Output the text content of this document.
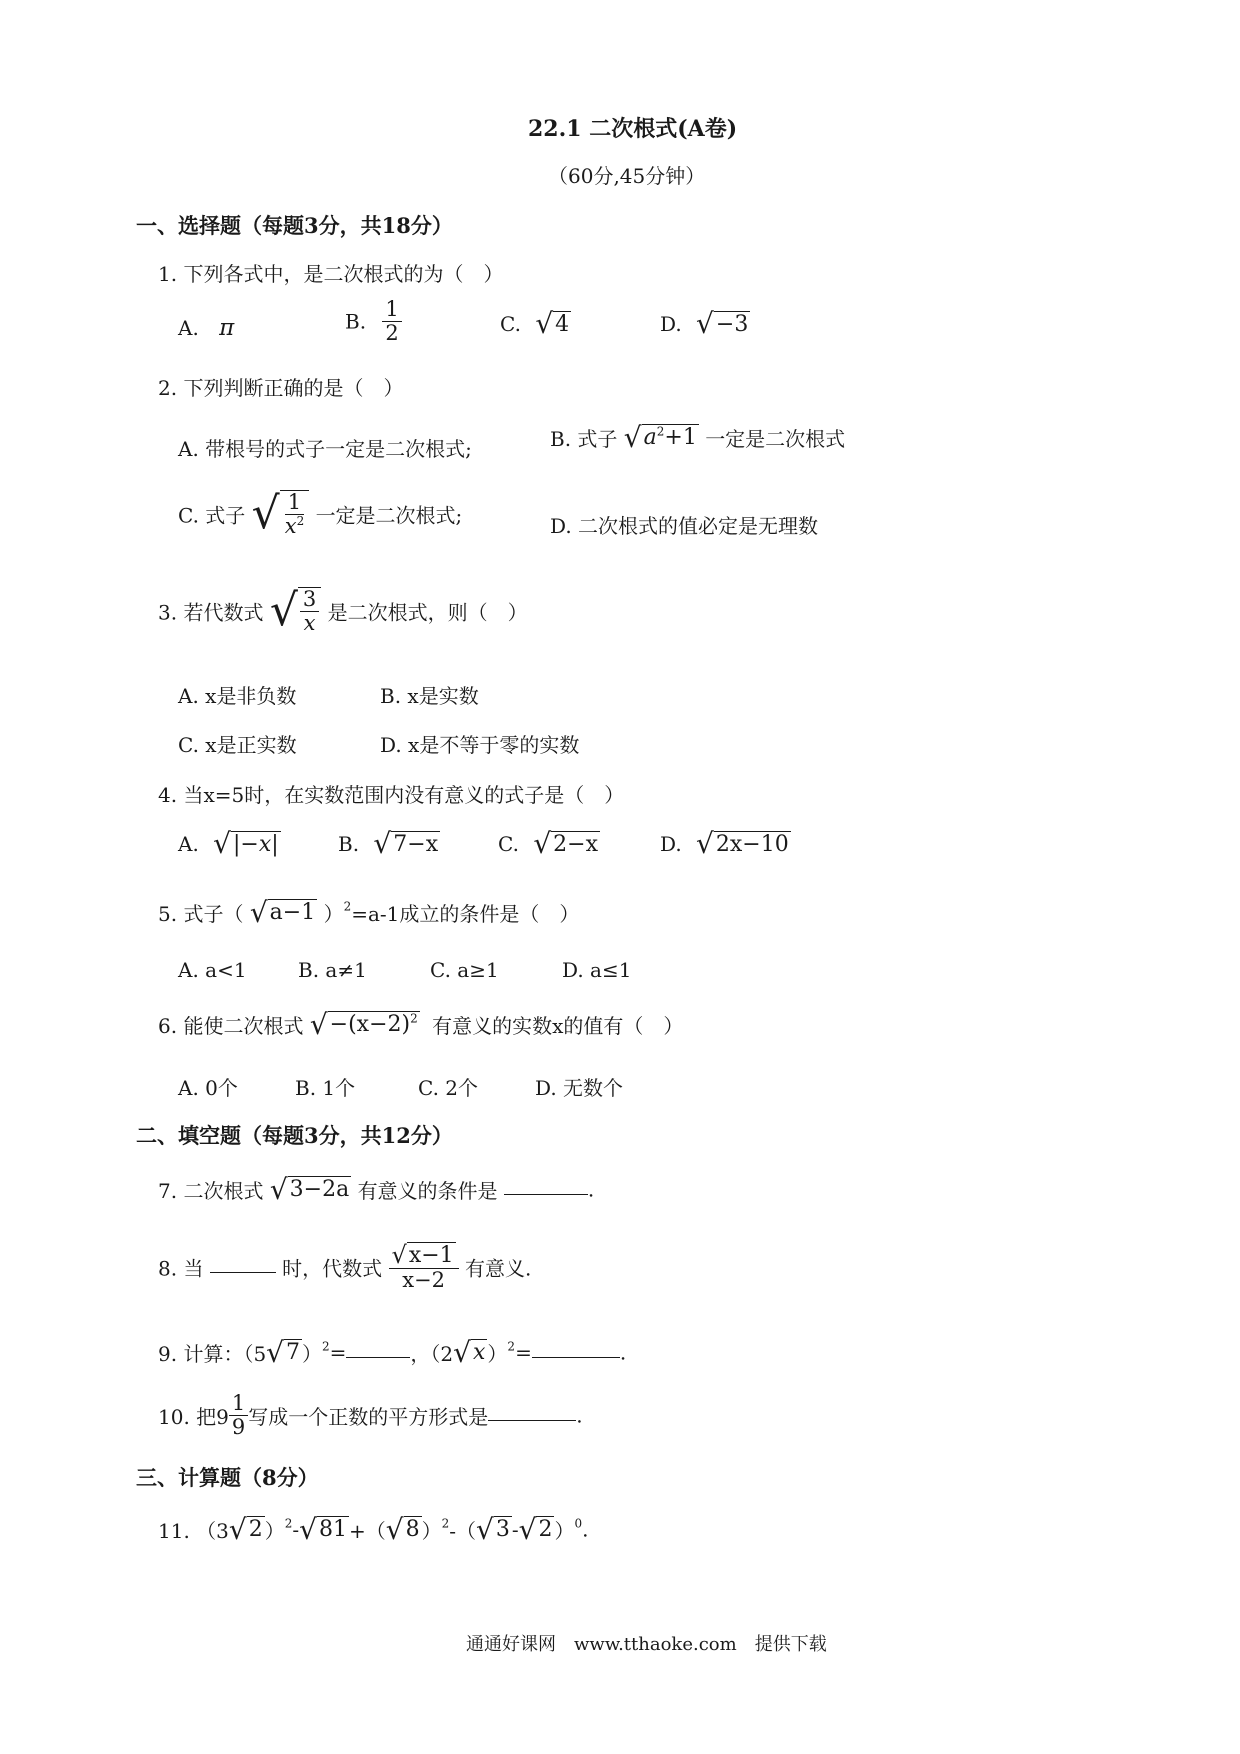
22.1 二次根式(A卷)
（60分,45分钟）
一、选择题（每题3分，共18分）
1. 下列各式中，是二次根式的为（　）
A. π	B. $\frac{1}{2}$	C. √4	D. √−3
2. 下列判断正确的是（　）
A. 带根号的式子一定是二次根式;	B. 式子 $√a^2+1$ 一定是二次根式
C. 式子 √ $\frac{1}{x^2}$ 一定是二次根式;	D. 二次根式的值必定是无理数
3. 若代数式 √ $\frac{3}{x}$ 是二次根式，则（　）
A. x是非负数	B. x是实数
C. x是正实数	D. x是不等于零的实数
4. 当x=5时，在实数范围内没有意义的式子是（　）
A. √|−x|	B. √7−x	C. √2−x	D. √2x−10
5. 式子（ √a−1 ）$^2$=a-1成立的条件是（　）
A. a<1	B. a≠1	C. a≥1	D. a≤1
6. 能使二次根式 $√-(x-2)^2$ 有意义的实数x的值有（　）
A. 0个	B. 1个	C. 2个	D. 无数个
二、填空题（每题3分，共12分）
7. 二次根式 √3−2a 有意义的条件是	.
8. 当	时，代数式 $\frac{√x-1}{x-2}$ 有意义.
9. 计算：（5√7 ）$^2$=	，（2√x ）$^2$=	.
10. 把$9 \frac{1}{9}$ 写成一个正数的平方形式是	.
三、计算题（8分）
11. （3√2 ）$^2$-√81 +（√8 ）$^2$-（√3 -√2 ）$^0$.
通通好课网　www.tthaoke.com　提供下载
